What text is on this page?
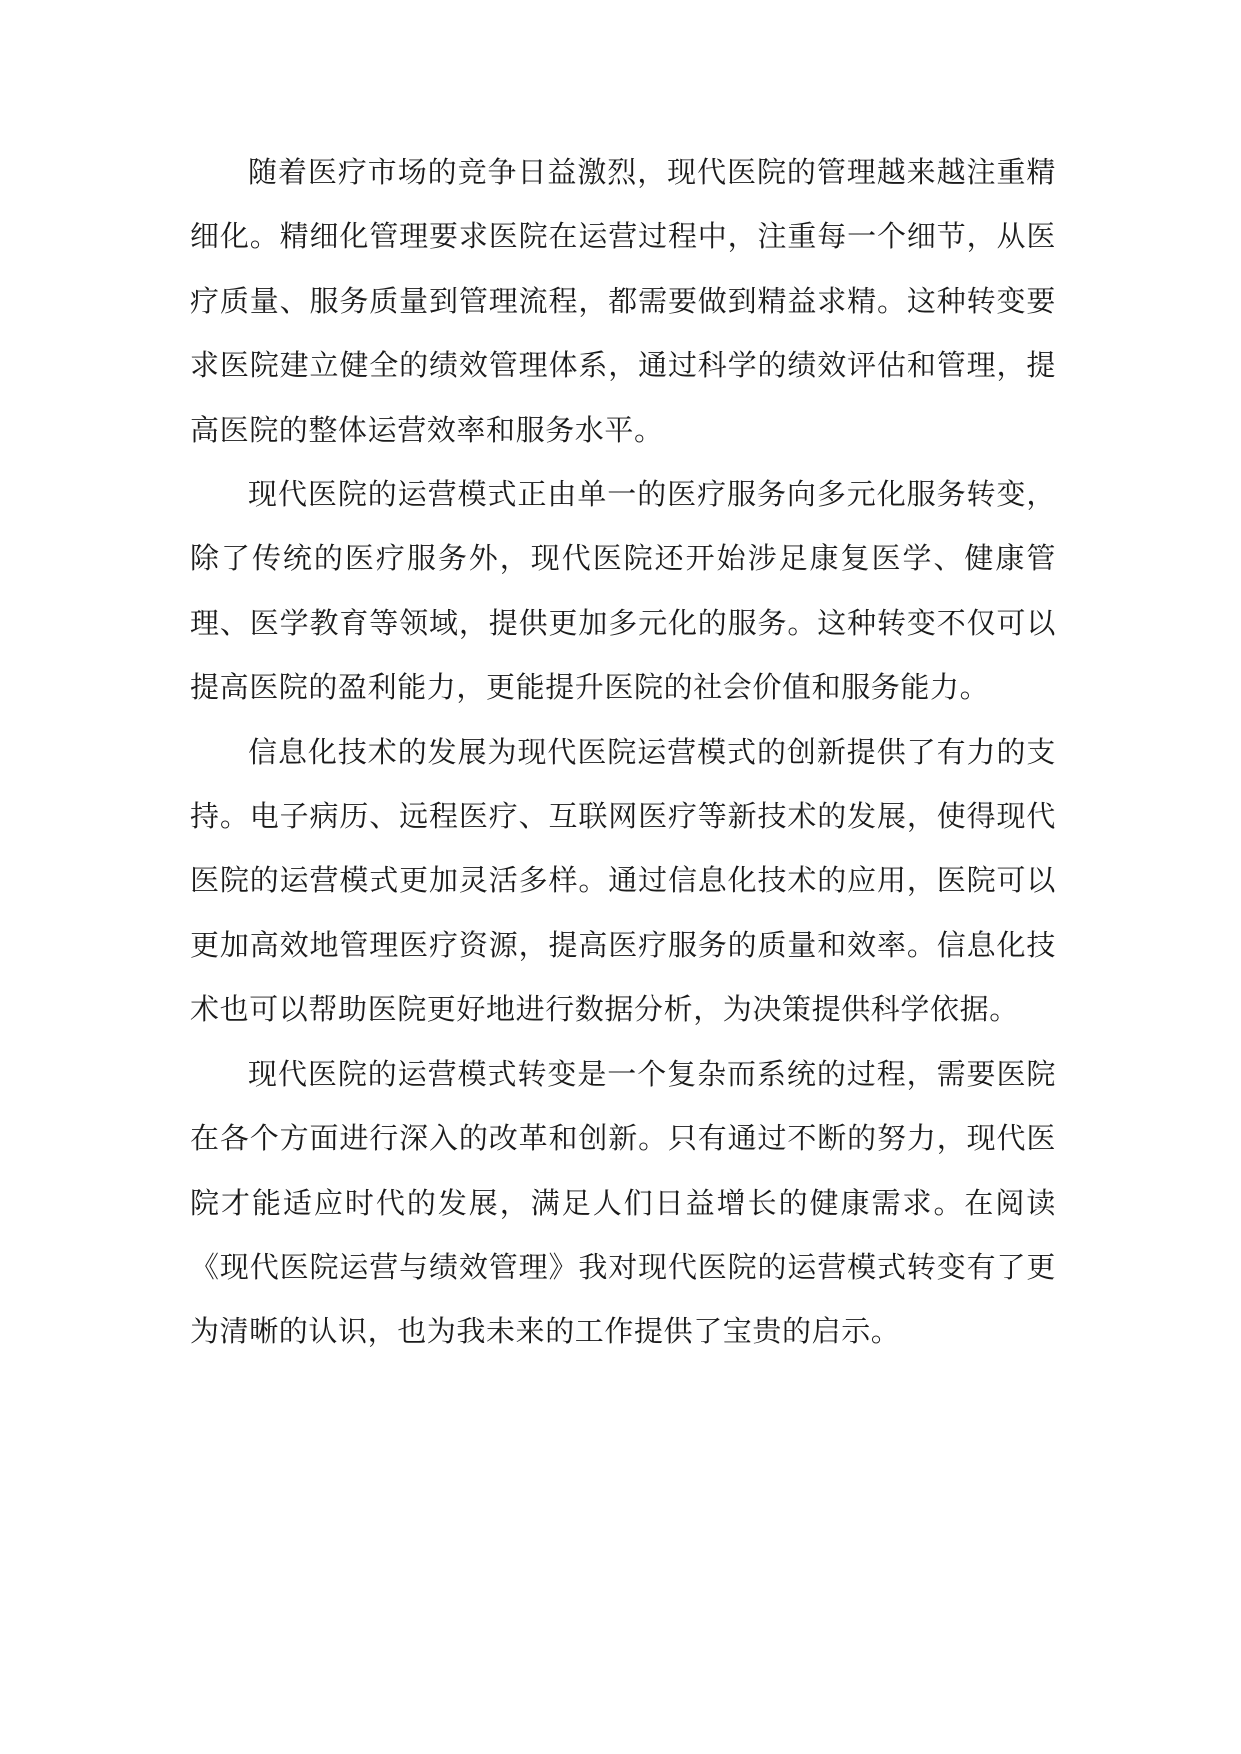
随着医疗市场的竞争日益激烈，现代医院的管理越来越注重精细化。精细化管理要求医院在运营过程中，注重每一个细节，从医疗质量、服务质量到管理流程，都需要做到精益求精。这种转变要求医院建立健全的绩效管理体系，通过科学的绩效评估和管理，提高医院的整体运营效率和服务水平。

现代医院的运营模式正由单一的医疗服务向多元化服务转变，除了传统的医疗服务外，现代医院还开始涉足康复医学、健康管理、医学教育等领域，提供更加多元化的服务。这种转变不仅可以提高医院的盈利能力，更能提升医院的社会价值和服务能力。

信息化技术的发展为现代医院运营模式的创新提供了有力的支持。电子病历、远程医疗、互联网医疗等新技术的发展，使得现代医院的运营模式更加灵活多样。通过信息化技术的应用，医院可以更加高效地管理医疗资源，提高医疗服务的质量和效率。信息化技术也可以帮助医院更好地进行数据分析，为决策提供科学依据。

现代医院的运营模式转变是一个复杂而系统的过程，需要医院在各个方面进行深入的改革和创新。只有通过不断的努力，现代医院才能适应时代的发展，满足人们日益增长的健康需求。在阅读《现代医院运营与绩效管理》我对现代医院的运营模式转变有了更为清晰的认识，也为我未来的工作提供了宝贵的启示。
